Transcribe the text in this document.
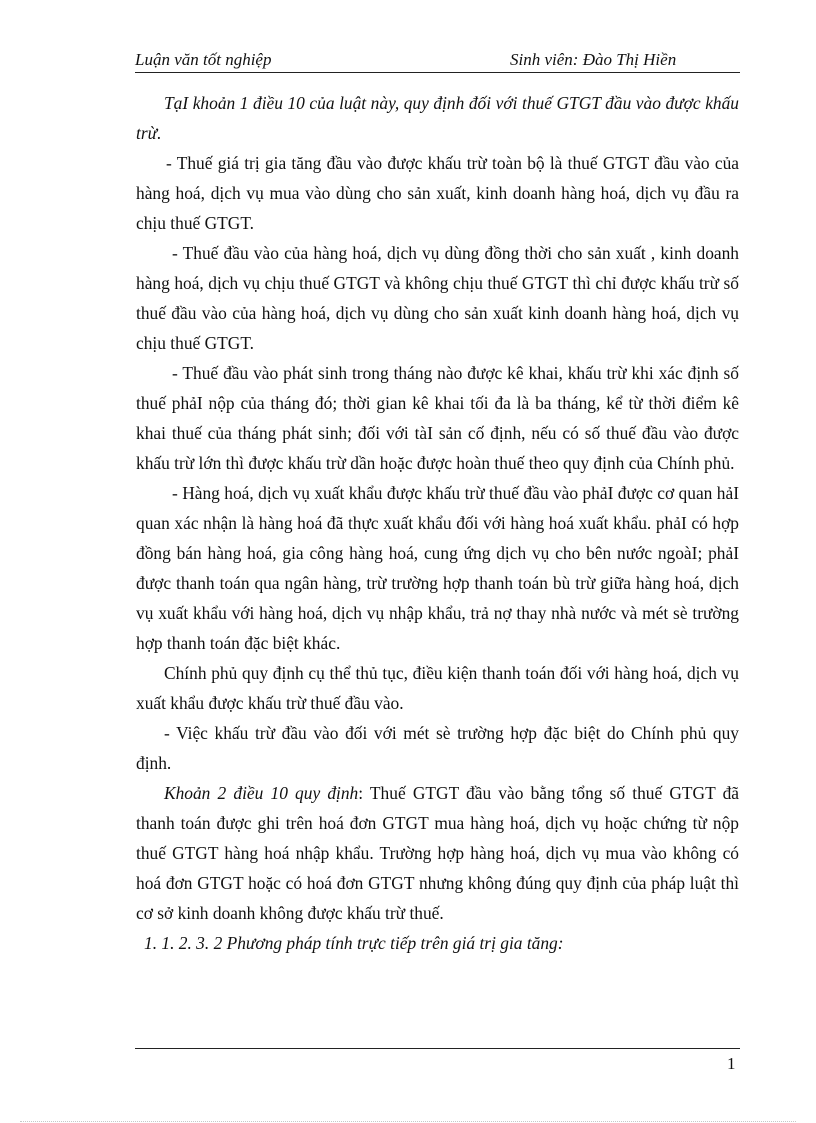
Luận văn tốt nghiệp	Sinh viên: Đào Thị Hiền

TạI khoản 1 điều 10 của luật này, quy định đối với thuế GTGT đầu vào được khấu trừ.

- Thuế giá trị gia tăng đầu vào được khấu trừ toàn bộ là thuế GTGT đầu vào của hàng hoá, dịch vụ mua vào dùng cho sản xuất, kinh doanh hàng hoá, dịch vụ đầu ra chịu thuế GTGT.

- Thuế đầu vào của hàng hoá, dịch vụ dùng đồng thời cho sản xuất , kinh doanh hàng hoá, dịch vụ chịu thuế GTGT và không chịu thuế GTGT thì chỉ được khấu trừ số thuế đầu vào của hàng hoá, dịch vụ dùng cho sản xuất kinh doanh hàng hoá, dịch vụ chịu thuế GTGT.

- Thuế đầu vào phát sinh trong tháng nào được kê khai, khấu trừ khi xác định số thuế phảI nộp của tháng đó; thời gian kê khai tối đa là ba tháng, kể từ thời điểm kê khai thuế của tháng phát sinh; đối với tàI sản cố định, nếu có số thuế đầu vào được khấu trừ lớn thì được khấu trừ dần hoặc được hoàn thuế theo quy định của Chính phủ.

- Hàng hoá, dịch vụ xuất khẩu được khấu trừ thuế đầu vào phảI được cơ quan hảI quan xác nhận là hàng hoá đã thực xuất khẩu đối với hàng hoá xuất khẩu. phảI có hợp đồng bán hàng hoá, gia công hàng hoá, cung ứng dịch vụ cho bên nước ngoàI; phảI được thanh toán qua ngân hàng, trừ trường hợp thanh toán bù trừ giữa hàng hoá, dịch vụ xuất khẩu với hàng hoá, dịch vụ nhập khẩu, trả nợ thay nhà nước và mét sè trường hợp thanh toán đặc biệt khác.

Chính phủ quy định cụ thể thủ tục, điều kiện thanh toán đối với hàng hoá, dịch vụ xuất khẩu được khấu trừ thuế đầu vào.

- Việc khấu trừ đầu vào đối với mét sè trường hợp đặc biệt do Chính phủ quy định.

Khoản 2 điều 10 quy định: Thuế GTGT đầu vào bằng tổng số thuế GTGT đã thanh toán được ghi trên hoá đơn GTGT mua hàng hoá, dịch vụ hoặc chứng từ nộp thuế GTGT hàng hoá nhập khẩu. Trường hợp hàng hoá, dịch vụ mua vào không có hoá đơn GTGT hoặc có hoá đơn GTGT nhưng không đúng quy định của pháp luật thì cơ sở kinh doanh không được khấu trừ thuế.

1. 1. 2. 3. 2 Phương pháp tính trực tiếp trên giá trị gia tăng:

1
